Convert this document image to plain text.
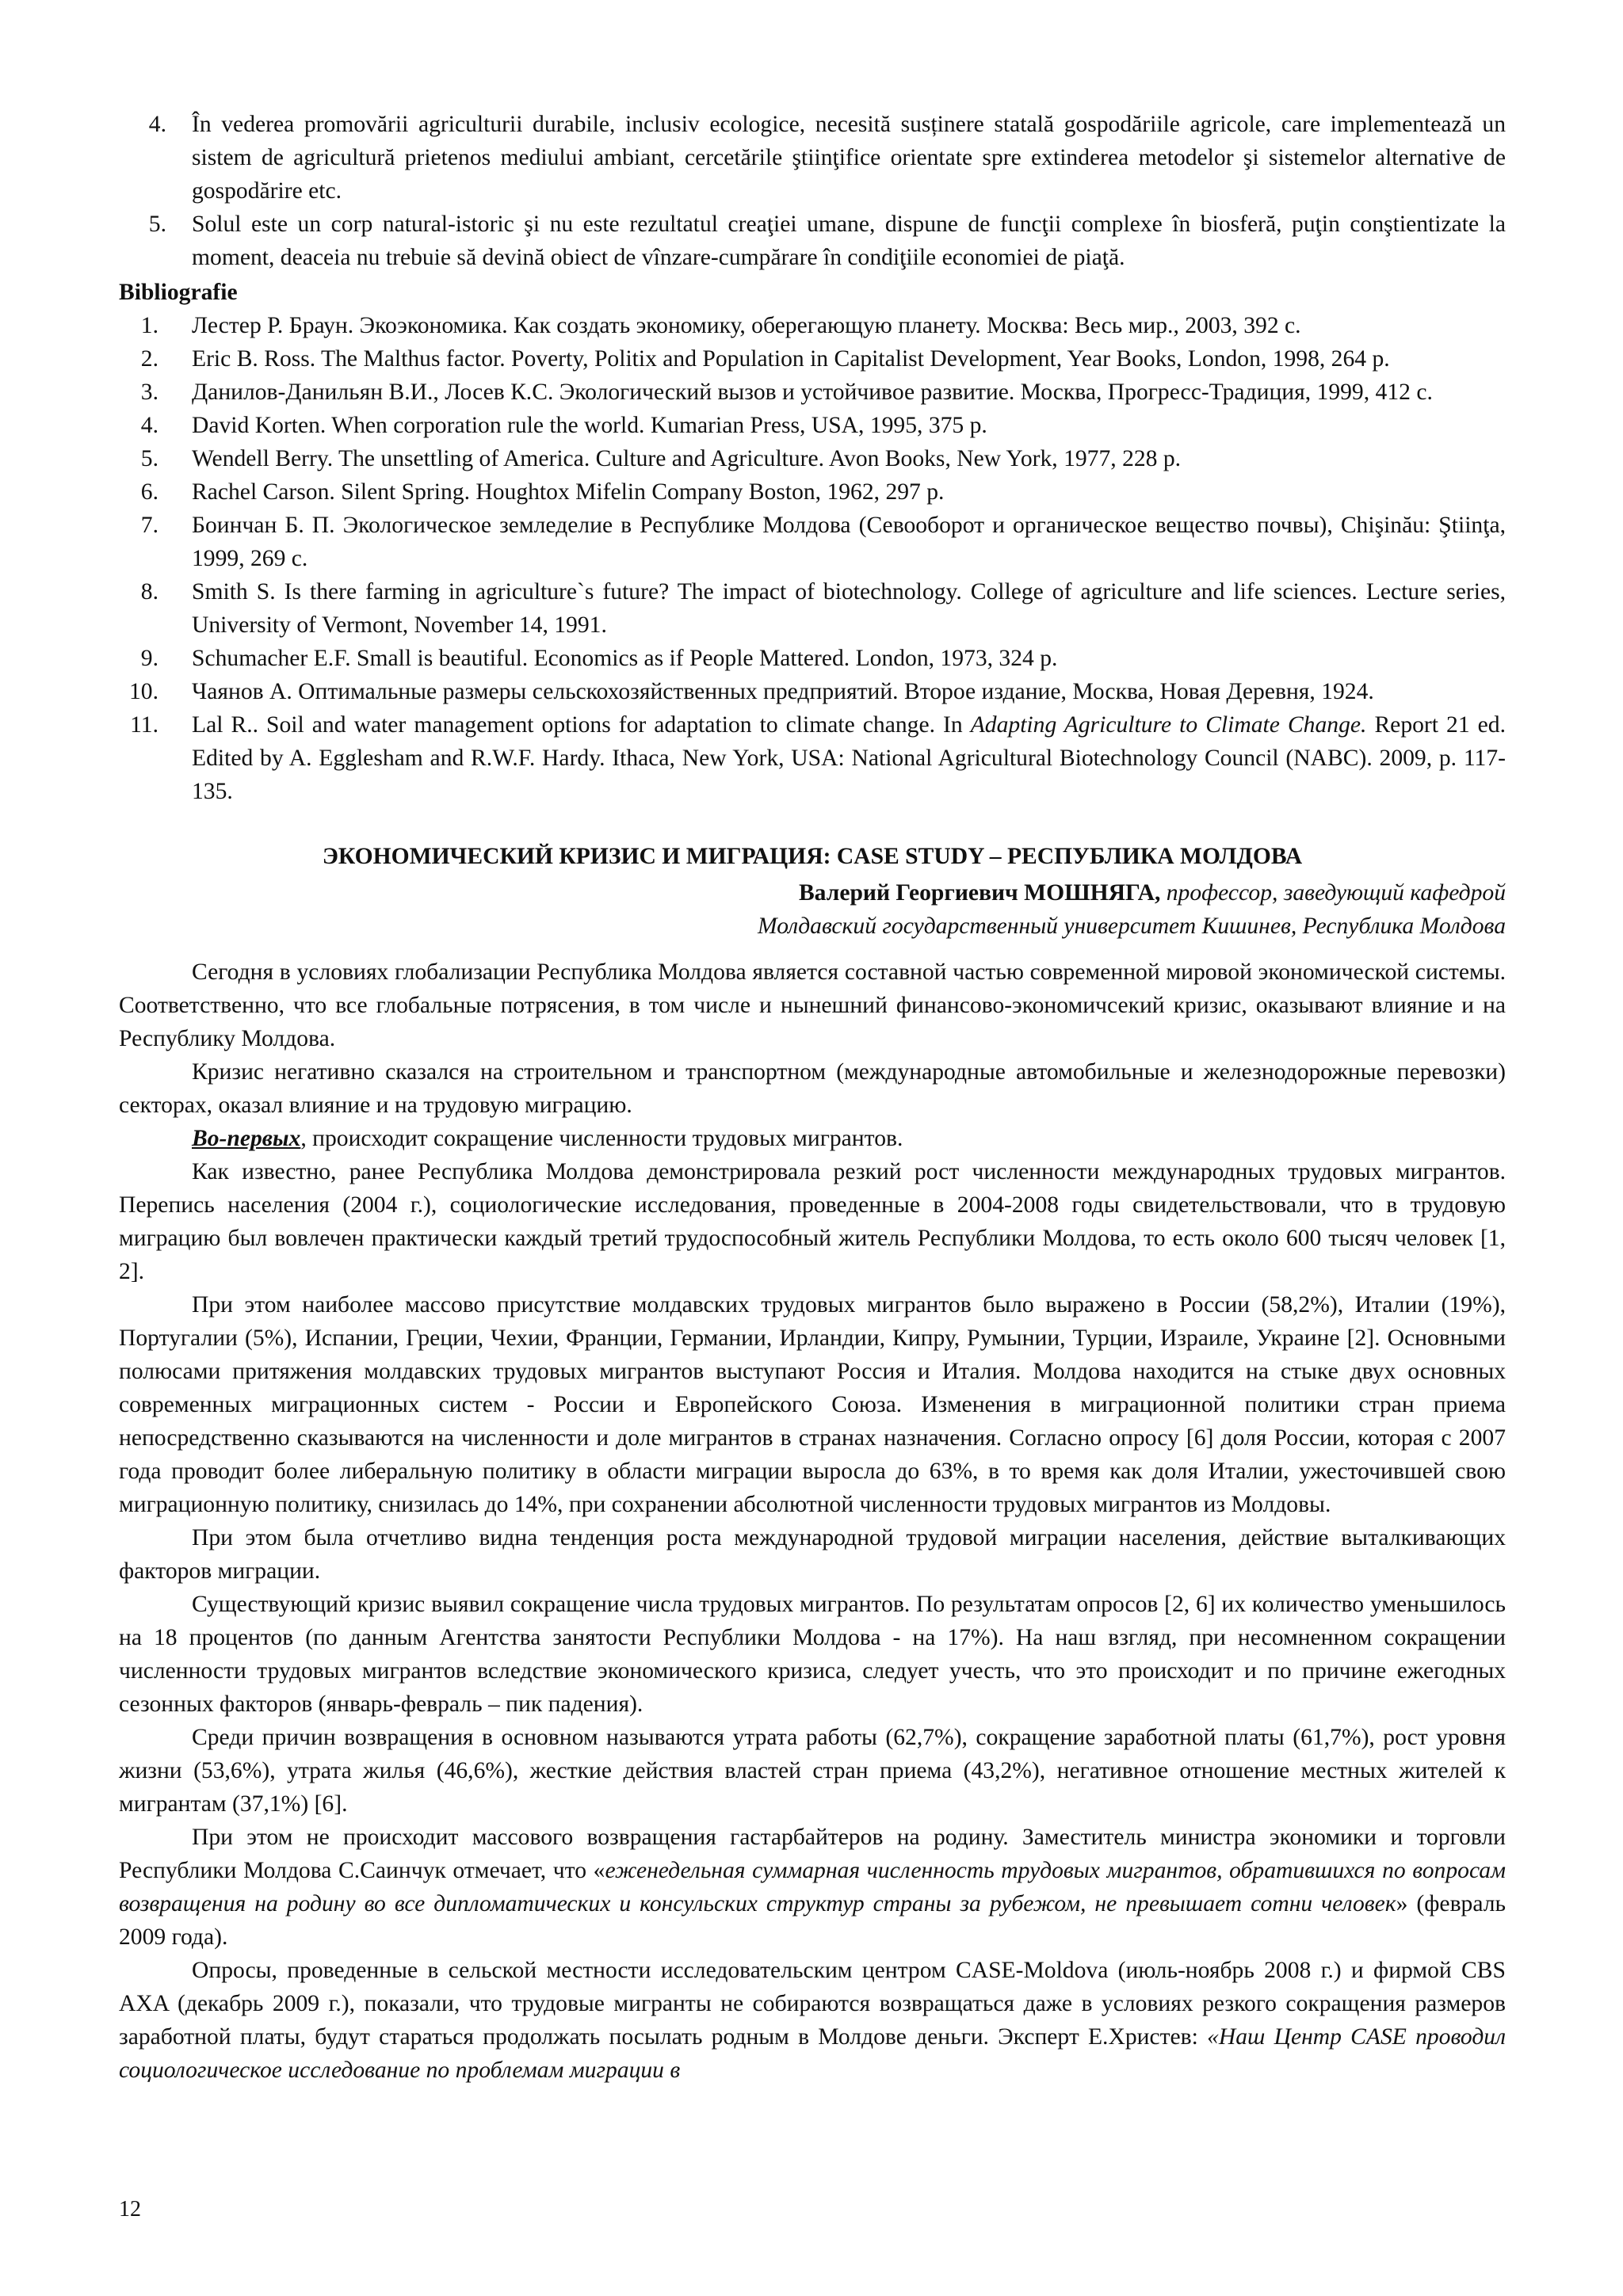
4. În vederea promovării agriculturii durabile, inclusiv ecologice, necesită susținere statală gospodăriile agricole, care implementează un sistem de agricultură prietenos mediului ambiant, cercetările ştiinţifice orientate spre extinderea metodelor şi sistemelor alternative de gospodărire etc.
5. Solul este un corp natural-istoric şi nu este rezultatul creaţiei umane, dispune de funcţii complexe în biosferă, puţin conştientizate la moment, deaceia nu trebuie să devină obiect de vînzare-cumpărare în condiţiile economiei de piaţă.
Bibliografie
1. Лестер Р. Браун. Экоэкономика. Как создать экономику, оберегающую планету. Москва: Весь мир., 2003, 392 с.
2. Eric B. Ross. The Malthus factor. Poverty, Politix and Population in Capitalist Development, Year Books, London, 1998, 264 p.
3. Данилов-Данильян В.И., Лосев К.С. Экологический вызов и устойчивое развитие. Москва, Прогресс-Традиция, 1999, 412 с.
4. David Korten. When corporation rule the world. Kumarian Press, USA, 1995, 375 p.
5. Wendell Berry. The unsettling of America. Culture and Agriculture. Avon Books, New York, 1977, 228 p.
6. Rachel Carson. Silent Spring. Houghtox Mifelin Company Boston, 1962, 297 p.
7. Боинчан Б. П. Экологическое земледелие в Республике Молдова (Севооборот и органическое вещество почвы), Chişinău: Ştiinţa, 1999, 269 c.
8. Smith S. Is there farming in agriculture`s future? The impact of biotechnology. College of agriculture and life sciences. Lecture series, University of Vermont, November 14, 1991.
9. Schumacher E.F. Small is beautiful. Economics as if People Mattered. London, 1973, 324 p.
10. Чаянов А. Оптимальные размеры сельскохозяйственных предприятий. Второе издание, Москва, Новая Деревня, 1924.
11. Lal R.. Soil and water management options for adaptation to climate change. In Adapting Agriculture to Climate Change. Report 21 ed. Edited by A. Egglesham and R.W.F. Hardy. Ithaca, New York, USA: National Agricultural Biotechnology Council (NABC). 2009, p. 117-135.
ЭКОНОМИЧЕСКИЙ КРИЗИС И МИГРАЦИЯ: CASE STUDY – РЕСПУБЛИКА МОЛДОВА
Валерий Георгиевич МОШНЯГА, профессор, заведующий кафедрой
Молдавский государственный университет Кишинев, Республика Молдова

Сегодня в условиях глобализации Республика Молдова является составной частью современной мировой экономической системы. Соответственно, что все глобальные потрясения, в том числе и нынешний финансово-экономичсекий кризис, оказывают влияние и на Республику Молдова.

Кризис негативно сказался на строительном и транспортном (международные автомобильные и железнодорожные перевозки) секторах, оказал влияние и на трудовую миграцию.

Во-первых, происходит сокращение численности трудовых мигрантов.

Как известно, ранее Республика Молдова демонстрировала резкий рост численности международных трудовых мигрантов. Перепись населения (2004 г.), социологические исследования, проведенные в 2004-2008 годы свидетельствовали, что в трудовую миграцию был вовлечен практически каждый третий трудоспособный житель Республики Молдова, то есть около 600 тысяч человек [1, 2].

При этом наиболее массово присутствие молдавских трудовых мигрантов было выражено в России (58,2%), Италии (19%), Португалии (5%), Испании, Греции, Чехии, Франции, Германии, Ирландии, Кипру, Румынии, Турции, Израиле, Украине [2]. Основными полюсами притяжения молдавских трудовых мигрантов выступают Россия и Италия. Молдова находится на стыке двух основных современных миграционных систем - России и Европейского Союза. Изменения в миграционной политики стран приема непосредственно сказываются на численности и доле мигрантов в странах назначения. Согласно опросу [6] доля России, которая с 2007 года проводит более либеральную политику в области миграции выросла до 63%, в то время как доля Италии, ужесточившей свою миграционную политику, снизилась до 14%, при сохранении абсолютной численности трудовых мигрантов из Молдовы.

При этом была отчетливо видна тенденция роста международной трудовой миграции населения, действие выталкивающих факторов миграции.

Существующий кризис выявил сокращение числа трудовых мигрантов. По результатам опросов [2, 6] их количество уменьшилось на 18 процентов (по данным Агентства занятости Республики Молдова - на 17%). На наш взгляд, при несомненном сокращении численности трудовых мигрантов вследствие экономического кризиса, следует учесть, что это происходит и по причине ежегодных сезонных факторов (январь-февраль – пик падения).

Среди причин возвращения в основном называются утрата работы (62,7%), сокращение заработной платы (61,7%), рост уровня жизни (53,6%), утрата жилья (46,6%), жесткие действия властей стран приема (43,2%), негативное отношение местных жителей к мигрантам (37,1%) [6].

При этом не происходит массового возвращения гастарбайтеров на родину. Заместитель министра экономики и торговли Республики Молдова С.Саинчук отмечает, что «еженедельная суммарная численность трудовых мигрантов, обратившихся по вопросам возвращения на родину во все дипломатических и консульских структур страны за рубежом, не превышает сотни человек» (февраль 2009 года).

Опросы, проведенные в сельской местности исследовательским центром CASE-Moldova (июль-ноябрь 2008 г.) и фирмой CBS AXA (декабрь 2009 г.), показали, что трудовые мигранты не собираются возвращаться даже в условиях резкого сокращения размеров заработной платы, будут стараться продолжать посылать родным в Молдове деньги. Эксперт Е.Христев: «Наш Центр CASE проводил социологическое исследование по проблемам миграции в

12
